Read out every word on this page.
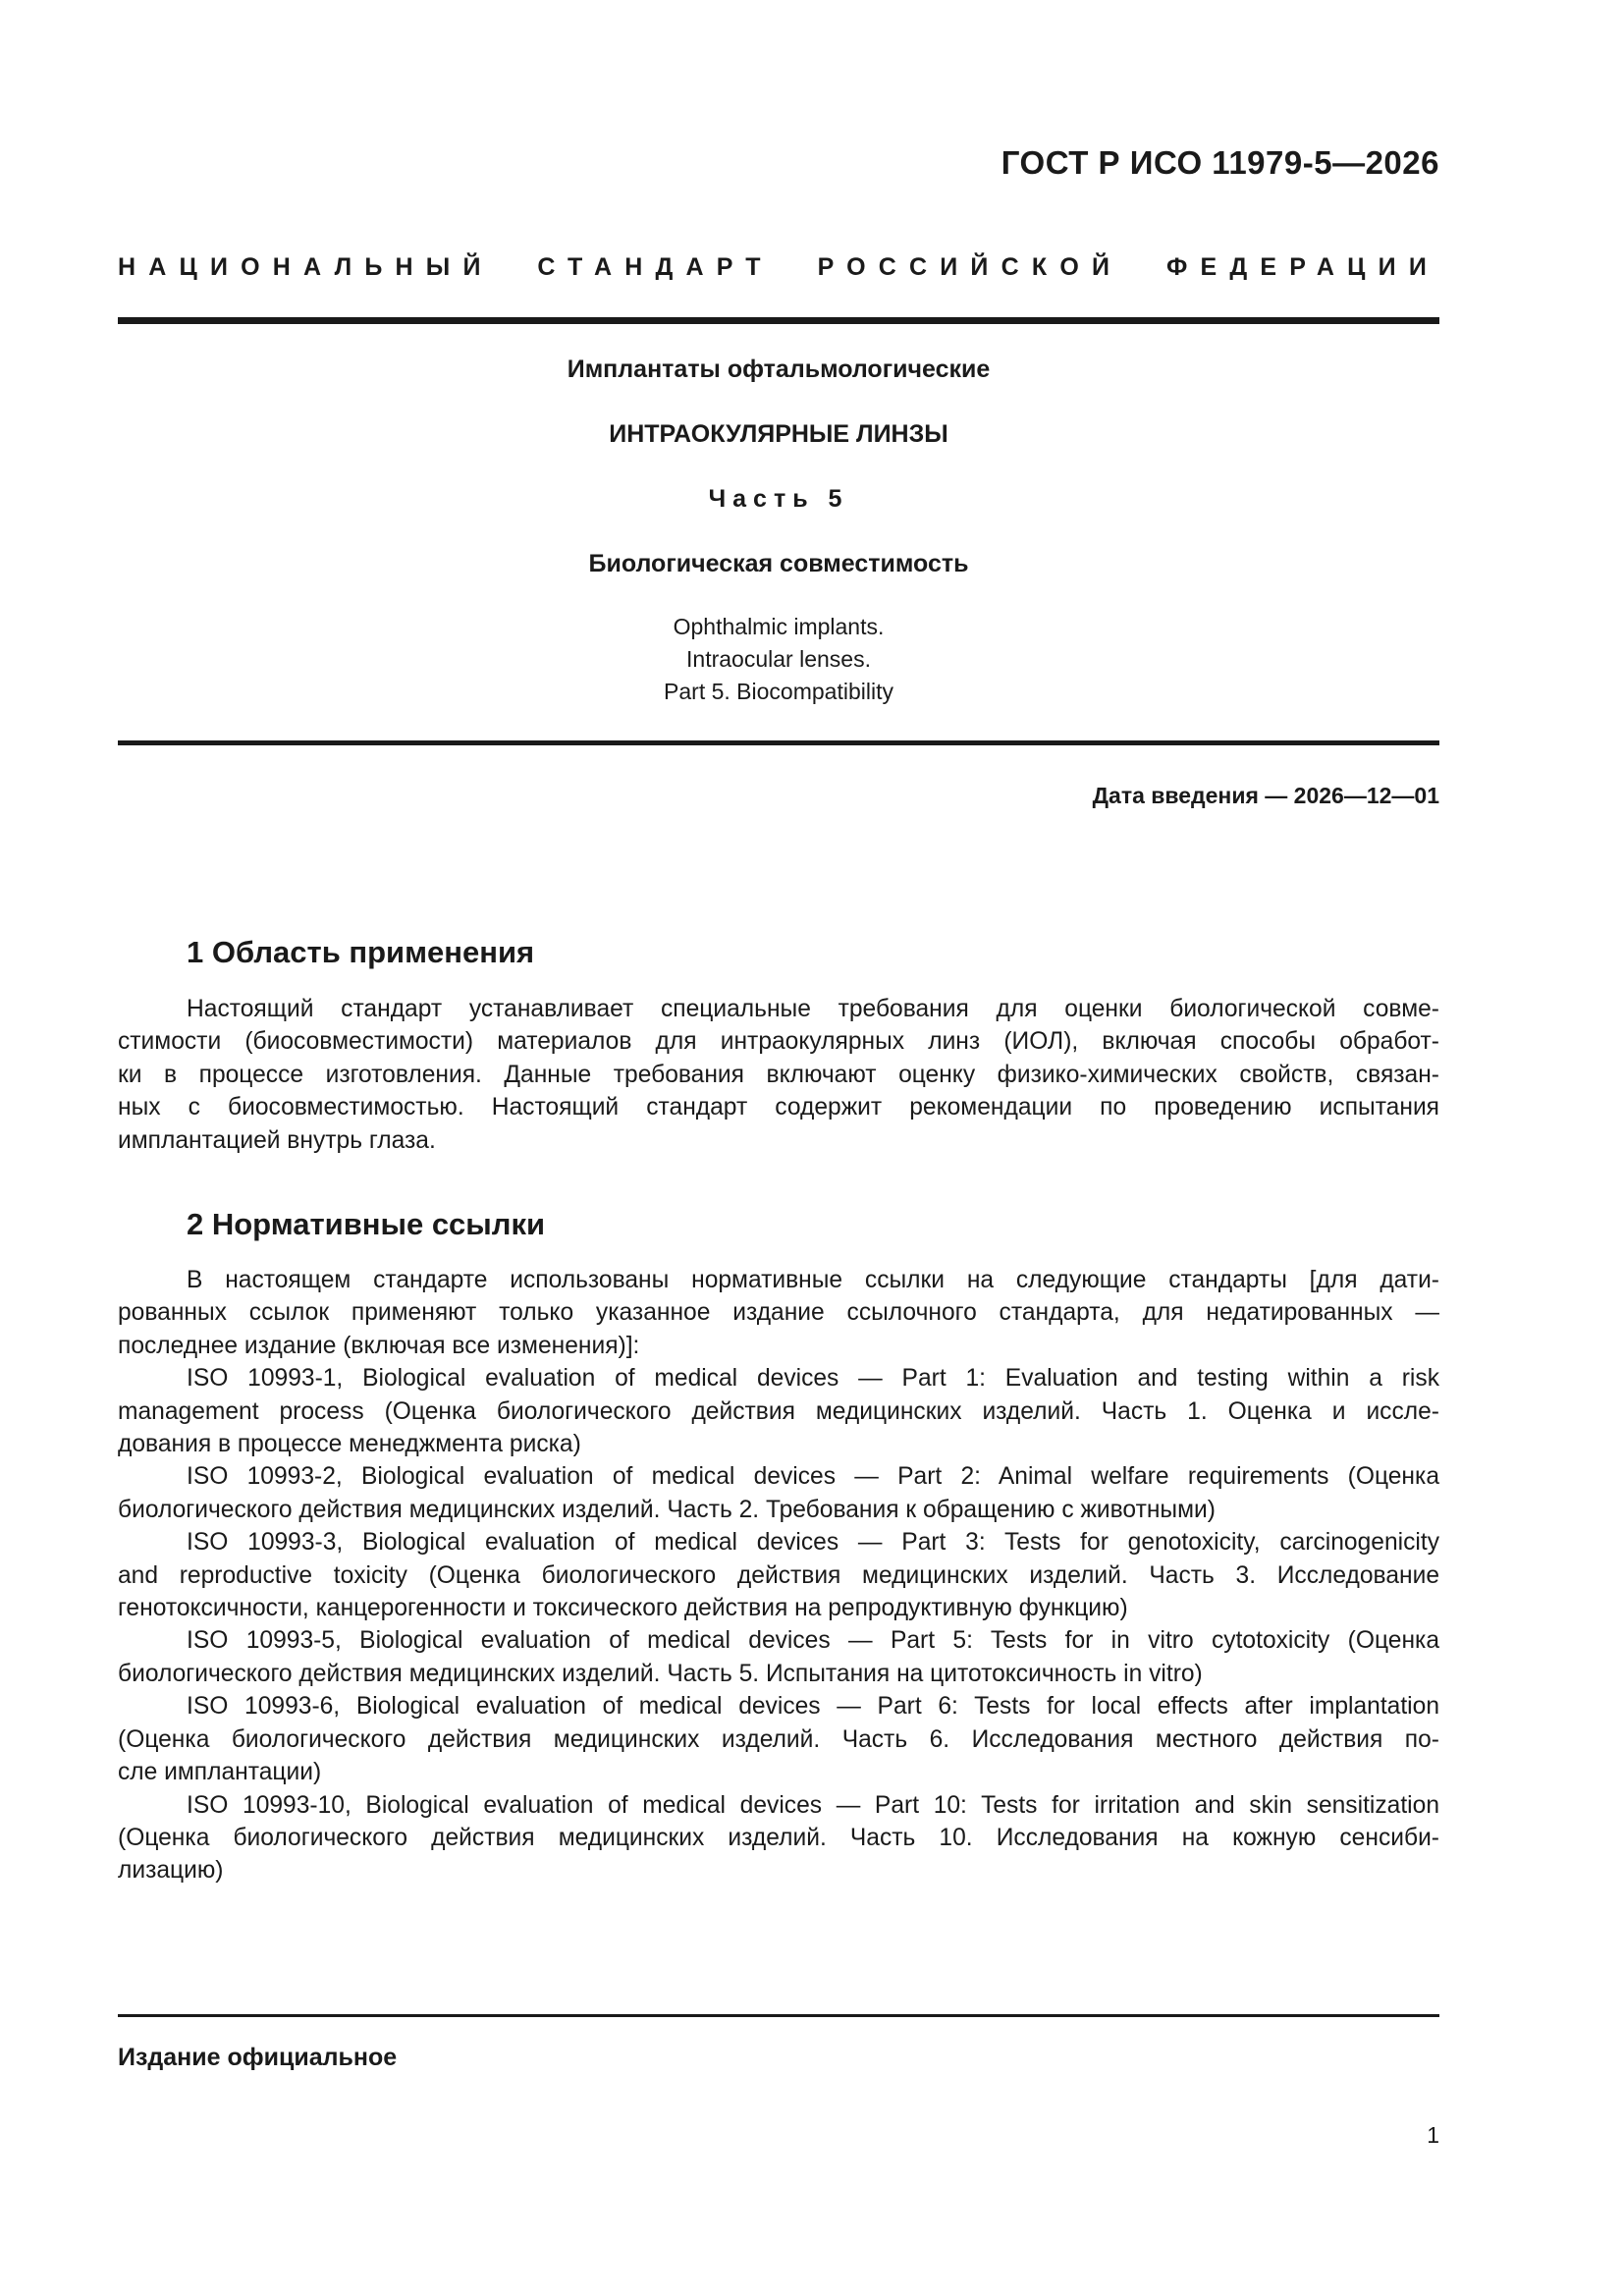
ГОСТ Р ИСО 11979-5—2026
НАЦИОНАЛЬНЫЙ СТАНДАРТ РОССИЙСКОЙ ФЕДЕРАЦИИ
Имплантаты офтальмологические
ИНТРАОКУЛЯРНЫЕ ЛИНЗЫ
Часть 5
Биологическая совместимость
Ophthalmic implants.
Intraocular lenses.
Part 5. Biocompatibility
Дата введения — 2026—12—01
1 Область применения
Настоящий стандарт устанавливает специальные требования для оценки биологической совме-
стимости (биосовместимости) материалов для интраокулярных линз (ИОЛ), включая способы обработ-
ки в процессе изготовления. Данные требования включают оценку физико-химических свойств, связан-
ных с биосовместимостью. Настоящий стандарт содержит рекомендации по проведению испытания
имплантацией внутрь глаза.
2 Нормативные ссылки
В настоящем стандарте использованы нормативные ссылки на следующие стандарты [для дати-
рованных ссылок применяют только указанное издание ссылочного стандарта, для недатированных —
последнее издание (включая все изменения)]:
ISO 10993-1, Biological evaluation of medical devices — Part 1: Evaluation and testing within a risk
management process (Оценка биологического действия медицинских изделий. Часть 1. Оценка и иссле-
дования в процессе менеджмента риска)
ISO 10993-2, Biological evaluation of medical devices — Part 2: Animal welfare requirements (Оценка
биологического действия медицинских изделий. Часть 2. Требования к обращению с животными)
ISO 10993-3, Biological evaluation of medical devices — Part 3: Tests for genotoxicity, carcinogenicity
and reproductive toxicity (Оценка биологического действия медицинских изделий. Часть 3. Исследование
генотоксичности, канцерогенности и токсического действия на репродуктивную функцию)
ISO 10993-5, Biological evaluation of medical devices — Part 5: Tests for in vitro cytotoxicity (Оценка
биологического действия медицинских изделий. Часть 5. Испытания на цитотоксичность in vitro)
ISO 10993-6, Biological evaluation of medical devices — Part 6: Tests for local effects after implantation
(Оценка биологического действия медицинских изделий. Часть 6. Исследования местного действия по-
сле имплантации)
ISO 10993-10, Biological evaluation of medical devices — Part 10: Tests for irritation and skin sensitization
(Оценка биологического действия медицинских изделий. Часть 10. Исследования на кожную сенсиби-
лизацию)
Издание официальное
1
